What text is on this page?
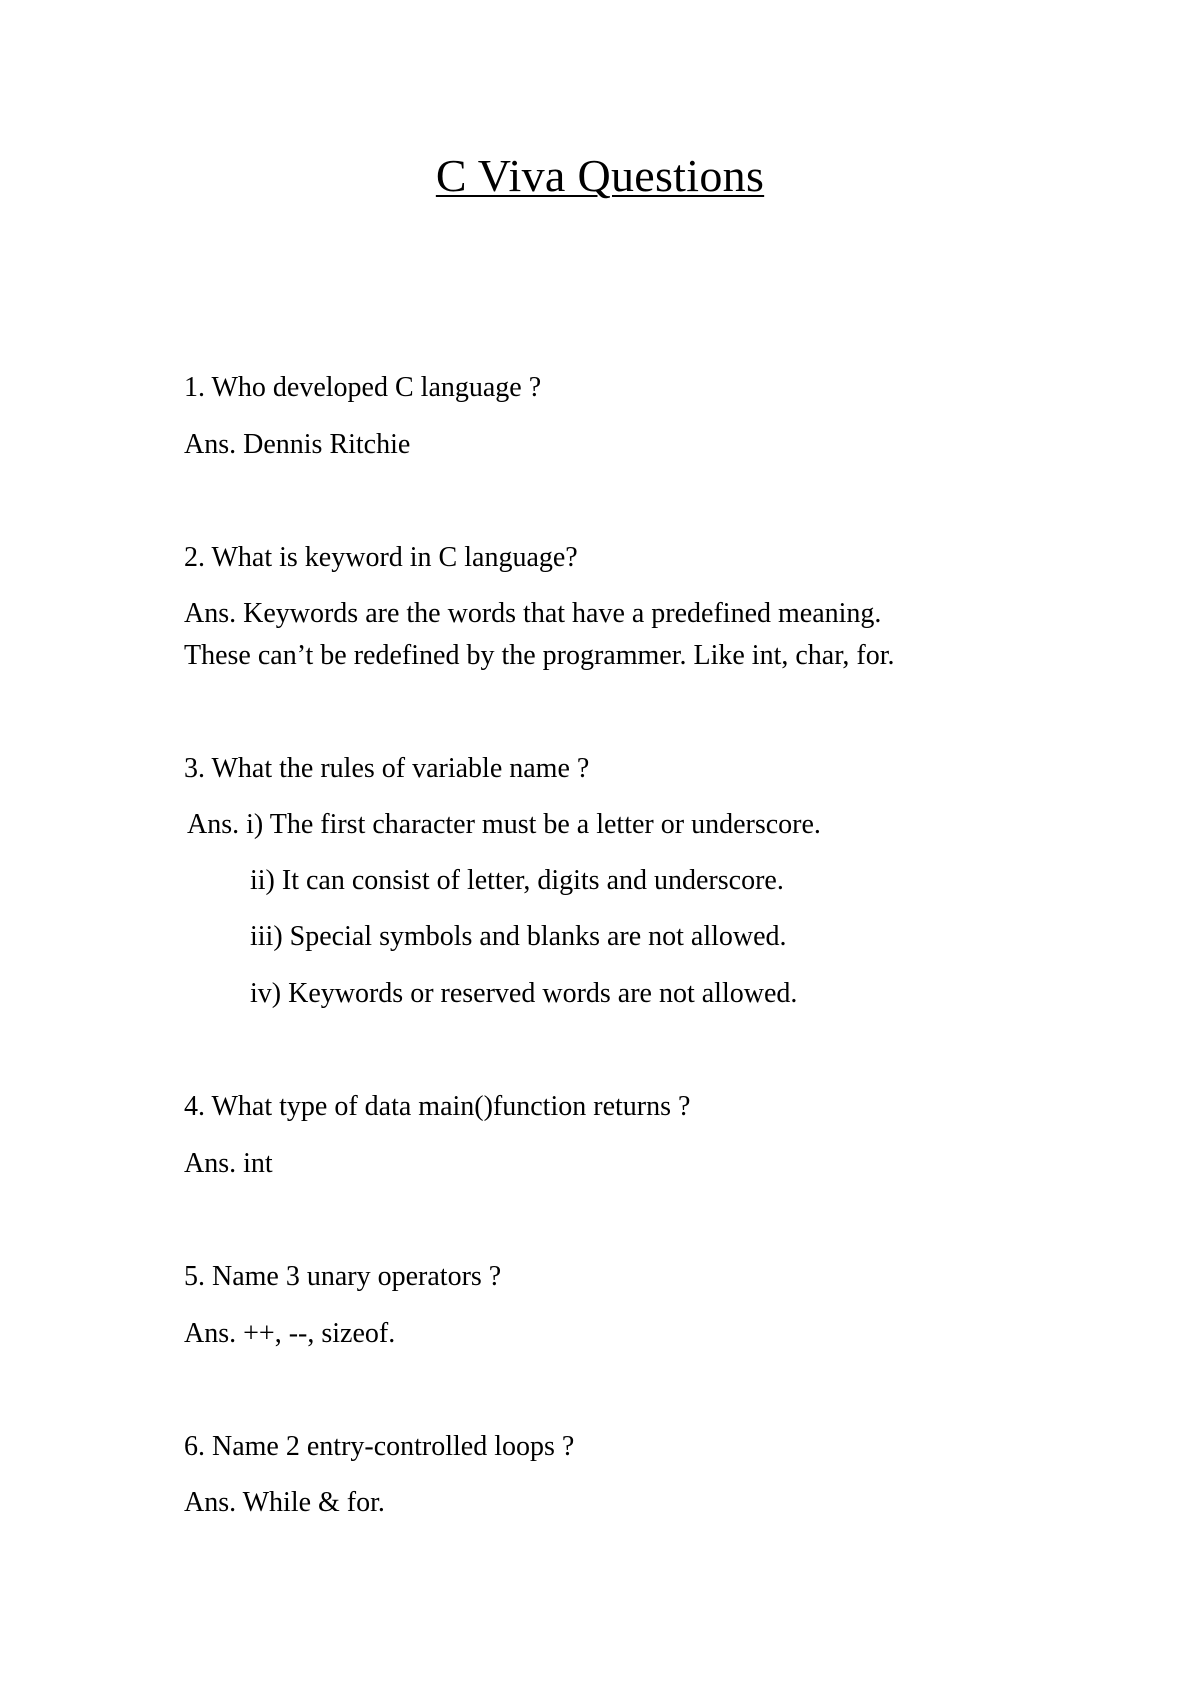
C Viva Questions

1. Who developed C language ?

Ans. Dennis Ritchie

2. What is keyword in C language?

Ans. Keywords are the words that have a predefined meaning.

These can’t be redefined by the programmer. Like int, char, for.

3. What the rules of variable name ?

Ans. i) The first character must be a letter or underscore.

ii) It can consist of letter, digits and underscore.

iii) Special symbols and blanks are not allowed.

iv) Keywords or reserved words are not allowed.

4. What type of data main()function returns ?

Ans. int

5. Name 3 unary operators ?

Ans. ++, --, sizeof.

6. Name 2 entry-controlled loops ?

Ans. While & for.
